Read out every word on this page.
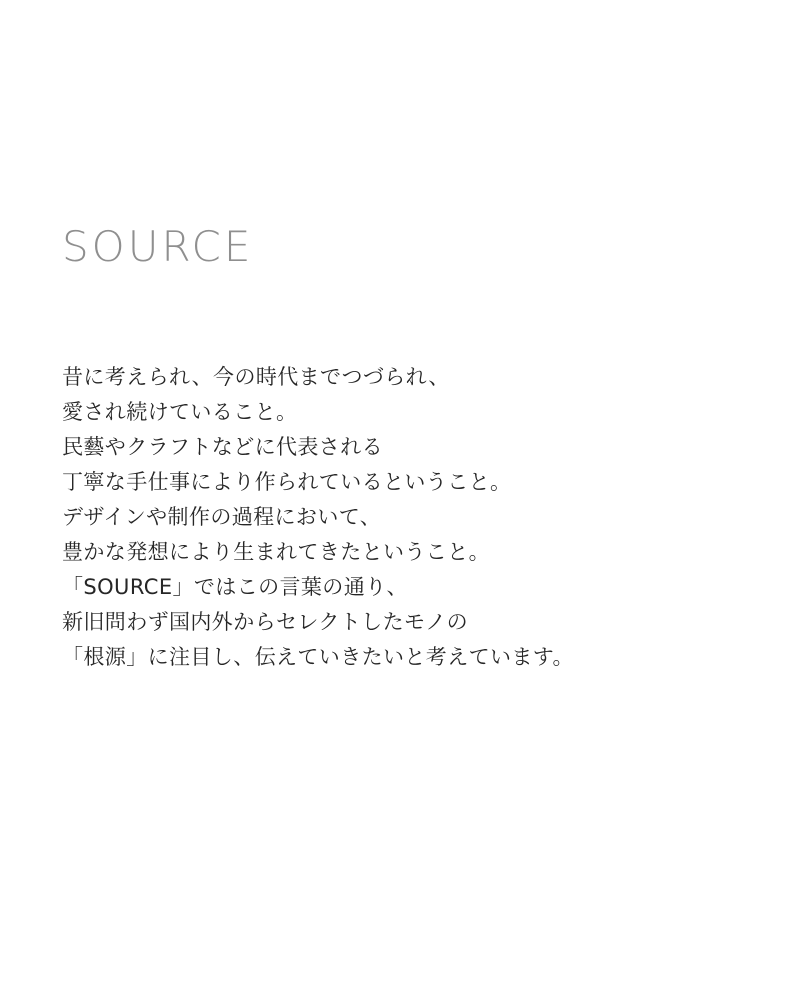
SOURCE
昔に考えられ、今の時代までつづられ、
愛され続けていること。
民藝やクラフトなどに代表される
丁寧な手仕事により作られているということ。
デザインや制作の過程において、
豊かな発想により生まれてきたということ。
「SOURCE」ではこの言葉の通り、
新旧問わず国内外からセレクトしたモノの
「根源」に注目し、伝えていきたいと考えています。
